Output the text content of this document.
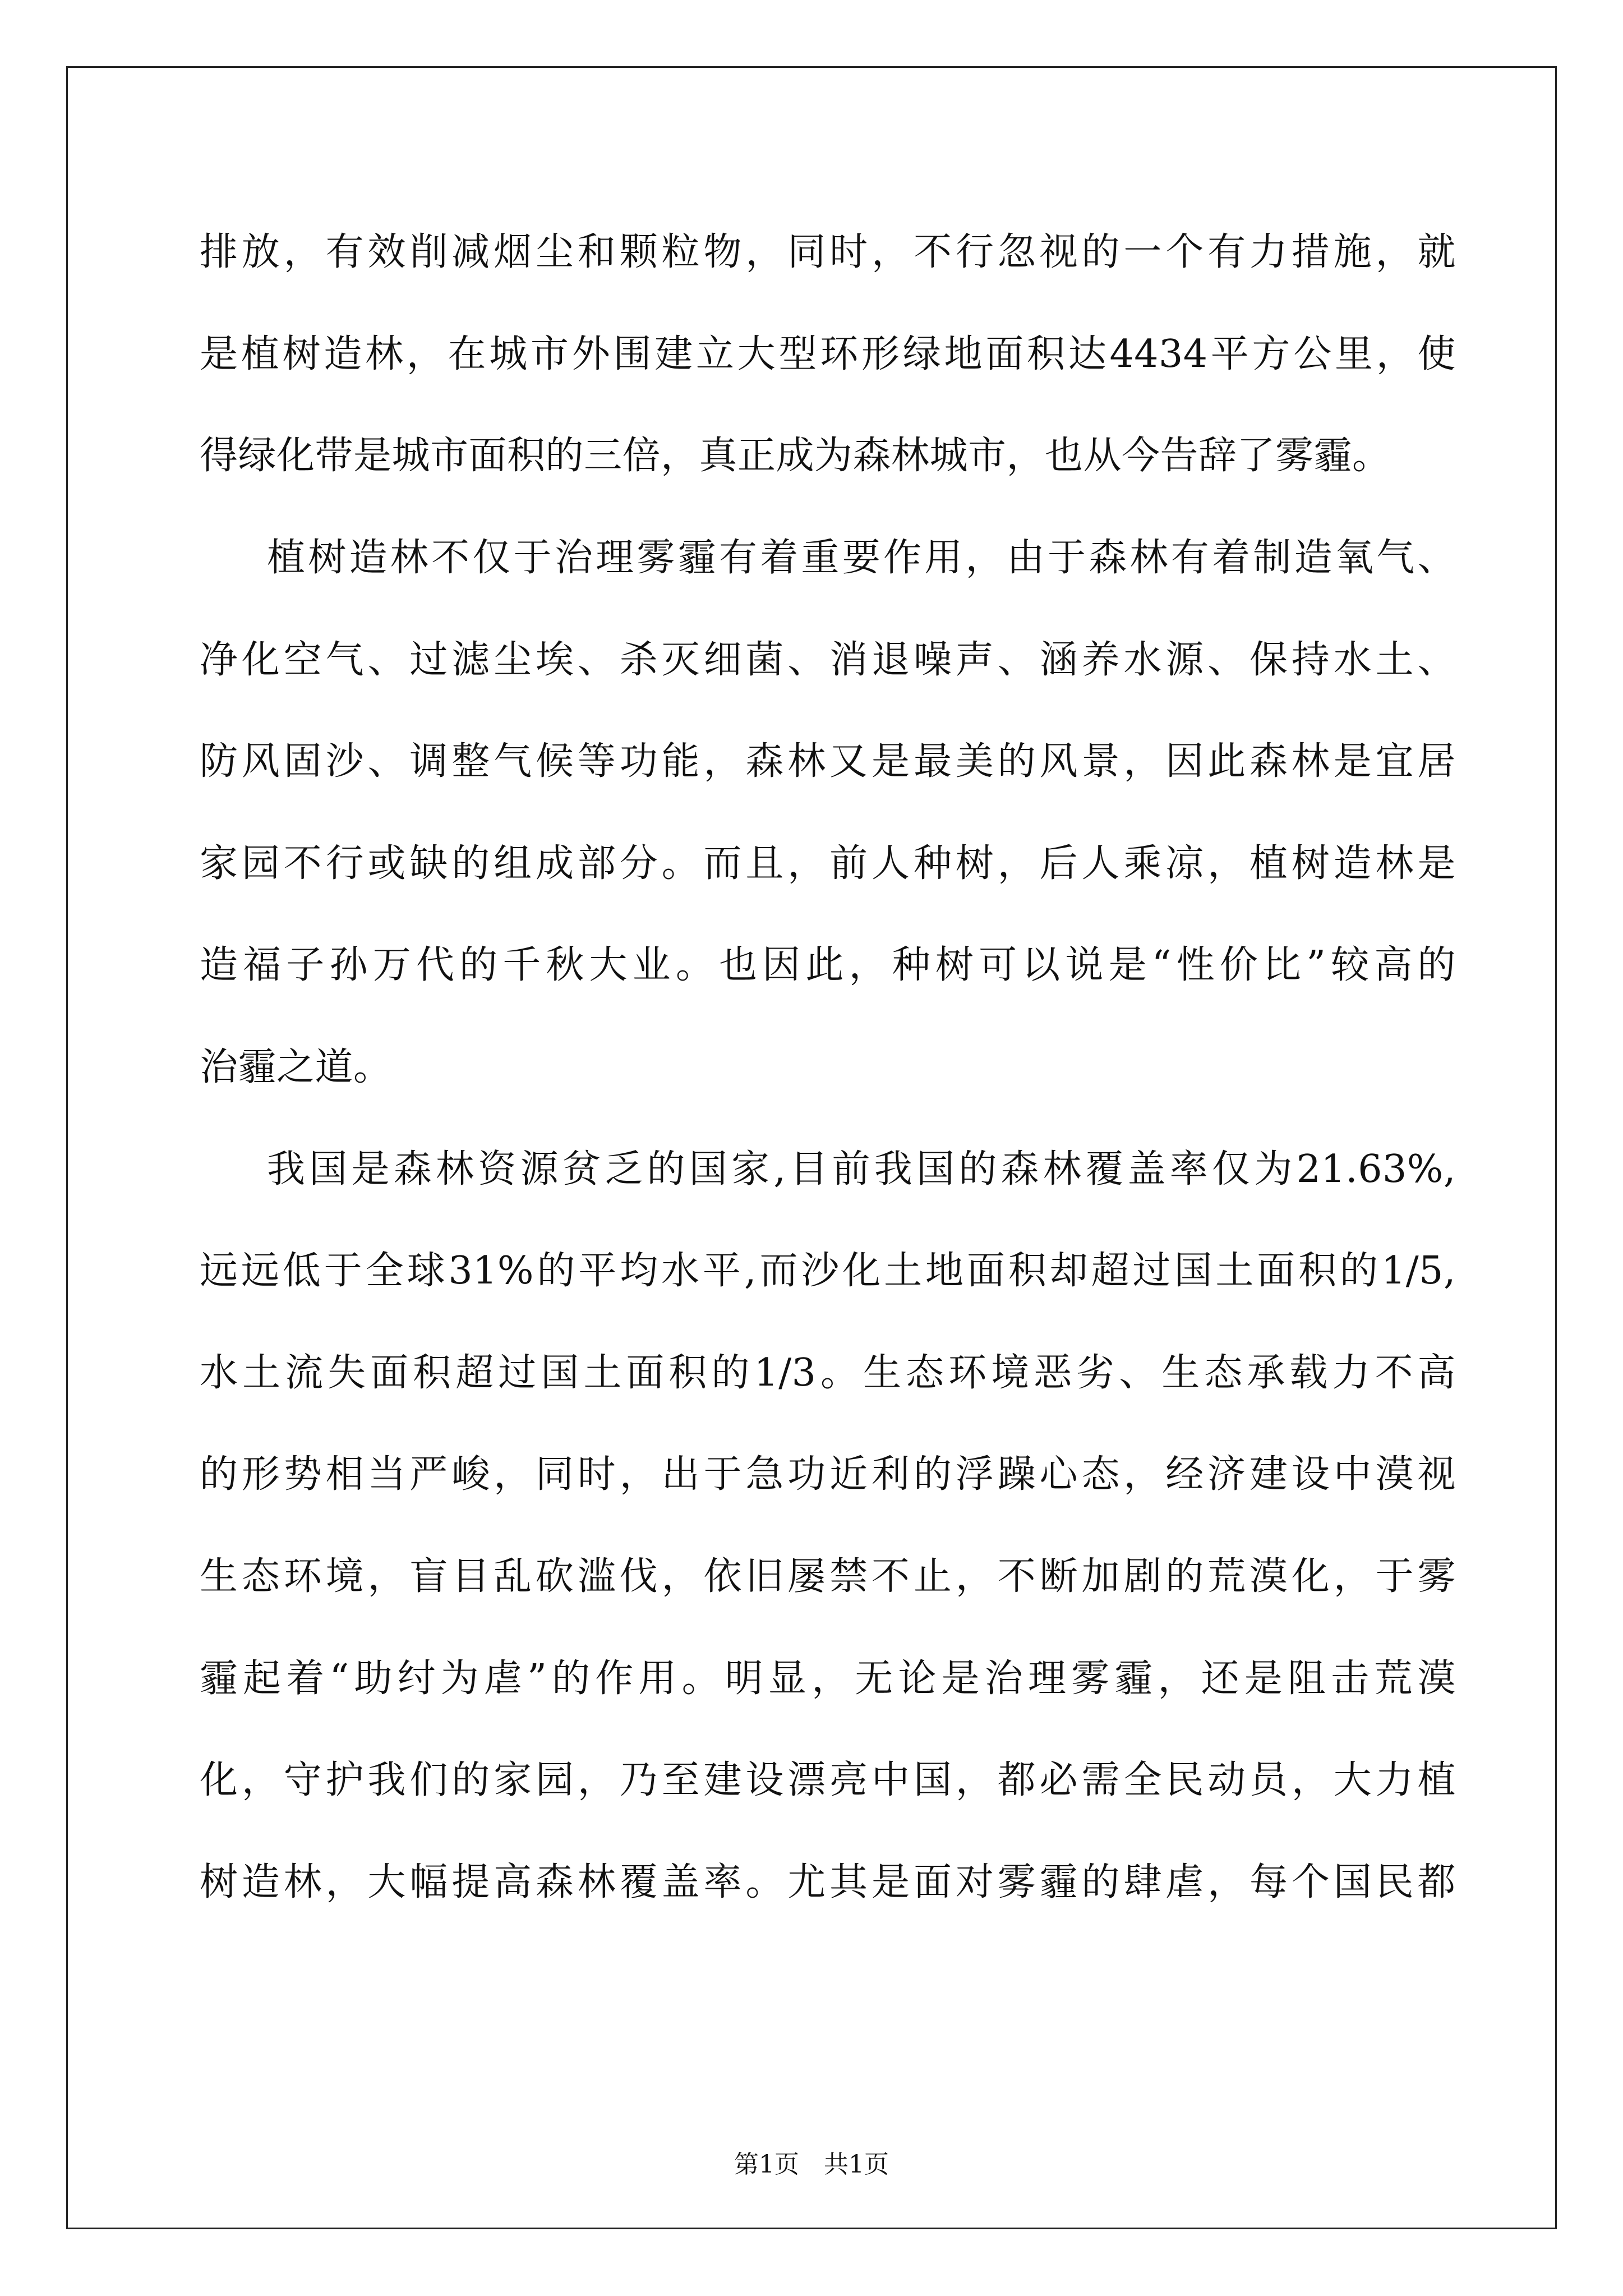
排放，有效削减烟尘和颗粒物，同时，不行忽视的一个有力措施，就
是植树造林，在城市外围建立大型环形绿地面积达4434平方公里，使
得绿化带是城市面积的三倍，真正成为森林城市，也从今告辞了雾霾。
植树造林不仅于治理雾霾有着重要作用，由于森林有着制造氧气、
净化空气、过滤尘埃、杀灭细菌、消退噪声、涵养水源、保持水土、
防风固沙、调整气候等功能，森林又是最美的风景，因此森林是宜居
家园不行或缺的组成部分。而且，前人种树，后人乘凉，植树造林是
造福子孙万代的千秋大业。也因此，种树可以说是“性价比”较高的
治霾之道。
我国是森林资源贫乏的国家,目前我国的森林覆盖率仅为21.63%,
远远低于全球31%的平均水平,而沙化土地面积却超过国土面积的1/5,
水土流失面积超过国土面积的1/3。生态环境恶劣、生态承载力不高
的形势相当严峻，同时，出于急功近利的浮躁心态，经济建设中漠视
生态环境，盲目乱砍滥伐，依旧屡禁不止，不断加剧的荒漠化，于雾
霾起着“助纣为虐”的作用。明显，无论是治理雾霾，还是阻击荒漠
化，守护我们的家园，乃至建设漂亮中国，都必需全民动员，大力植
树造林，大幅提高森林覆盖率。尤其是面对雾霾的肆虐，每个国民都
第1页 共1页
